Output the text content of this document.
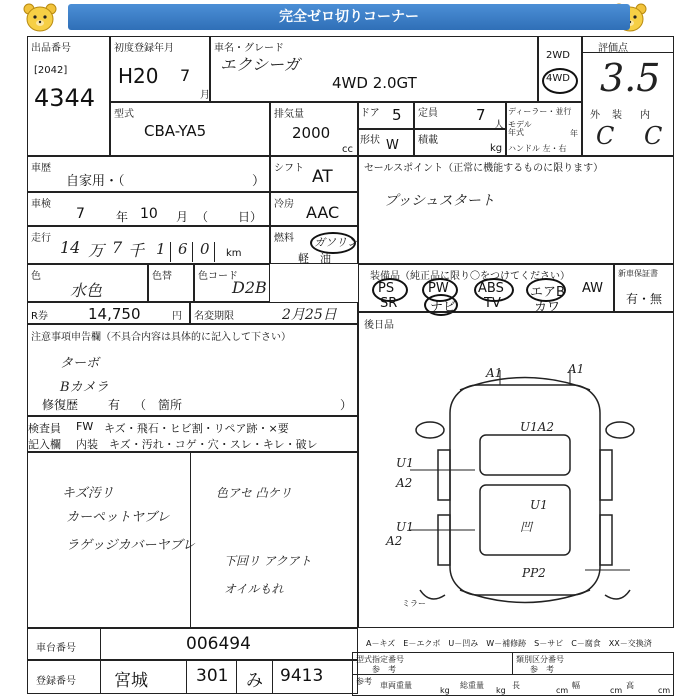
完全ゼロ切りコーナー
出品番号
[2042]
4344
初度登録年月
H20 7
月
車名・グレード
エクシーガ
4WD 2.0GT
2WD
4WD
評価点
3.5
外 装 内
C C
型式
CBA-YA5
排気量
2000
cc
ドア 5 定員	7
人
形状 W 積載
kg
ディーラー・並行
モデル年式	年
ハンドル 左・右
車歴
自家用・（	）
シフト AT	セールスポイント（正常に機能するものに限ります）
プッシュスタート
車検
7	年 10 月 （ 日）
冷房 AAC
走行 14 万 7 千 1 6 0 km
燃料 ガソリン
軽　油
色
水色
色替	色コード
D2B
装備品（純正品に限り〇をつけてください）
PS	PW ABS エアB AW
SR	ナビ TV	カワ
新車保証書
有・無
R券	14,750	円 名変期限	2月25日
後日品
注意事項申告欄（不具合内容は具体的に記入して下さい）
ターボ
Bカメラ
修復歴 有 （　箇所	）
検査員
記入欄
FW キズ・飛石・ヒビ割・リペア跡・×要
内装　キズ・汚れ・コゲ・穴・スレ・キレ・破レ
キズ汚リ
カーペットヤブレ
ラゲッジカバーヤブレ
色アセ 凸ケリ
下回リ アクアト
オイルもれ
A1	A1
U1A2
U1
A2
U1
凹
U1
A2
PP2
ミラー
A－キズ　E－エクボ　U－凹み　W－補修跡　S－サビ　C－腐食　XX－交換済
車台番号	006494
登録番号 宮城	301 み 9413
型式指定番号
参　考
類別区分番号
参　考
参考 車両重量
kg
総重量
kg
長
cm
幅
cm
高
cm
